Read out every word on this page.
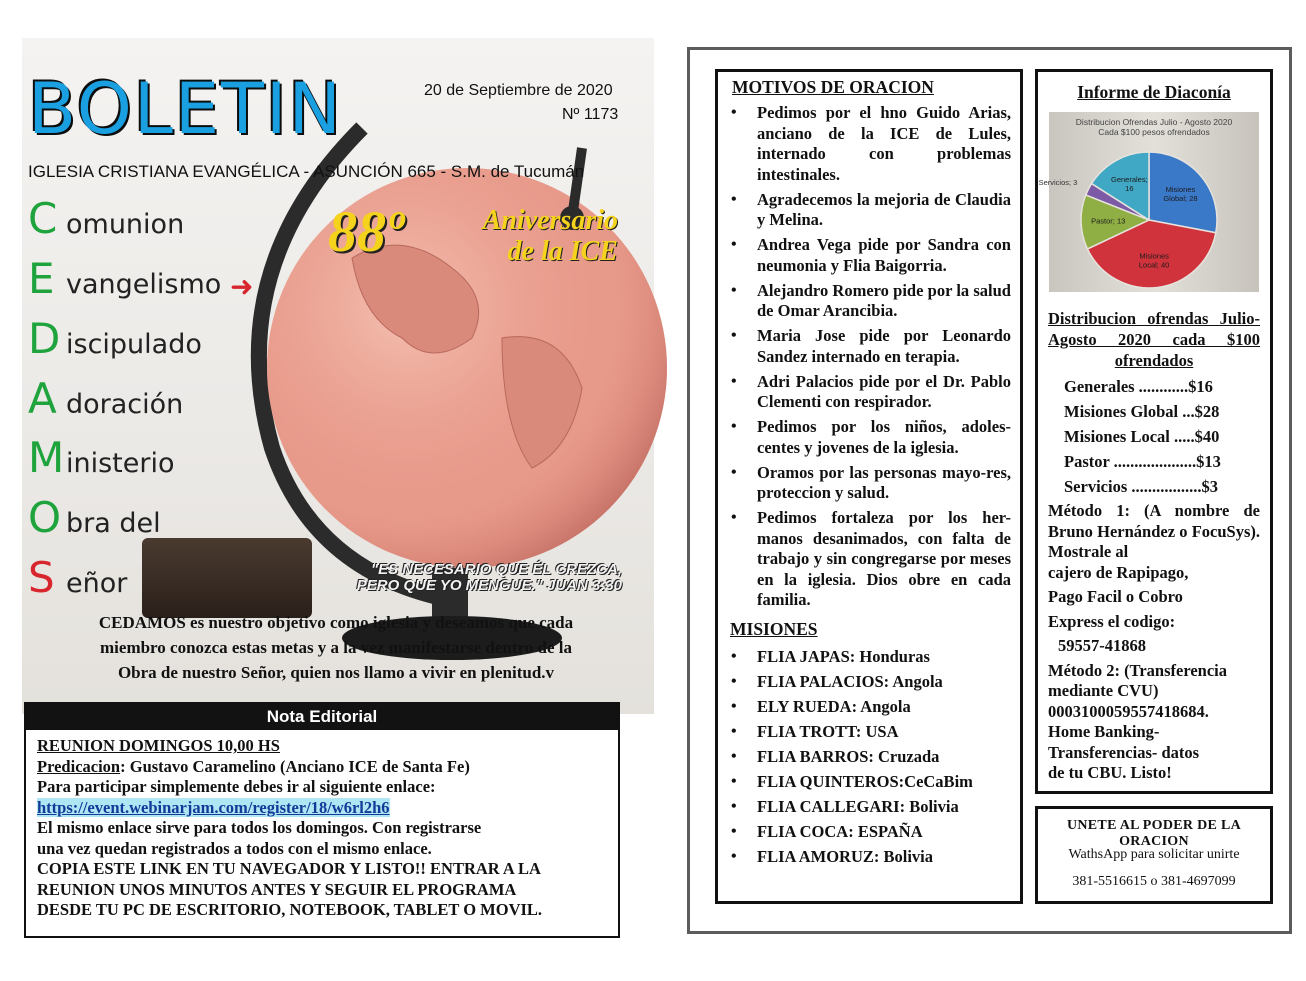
BOLETIN	20 de Septiembre de 2020
Nº 1173
IGLESIA CRISTIANA EVANGÉLICA - ASUNCIÓN 665 - S.M. de Tucumán
88º	Aniversario
de la ICE
Comunion
Evangelismo ➜
Discipulado
Adoración
Ministerio
Obra del
Señor	"ES NECESARIO QUE ÉL CREZCA,
PERO QUE YO MENGUE." JUAN 3:30
CEDAMOS es nuestro objetivo como iglesia y deseamos que cada
miembro conozca estas metas y a la vez manifestarse dentro de la
Obra de nuestro Señor, quien nos llamo a vivir en plenitud.v
Nota Editorial
REUNION DOMINGOS 10,00 HS
Predicacion: Gustavo Caramelino (Anciano ICE de Santa Fe)
Para participar simplemente debes ir al siguiente enlace:
https://event.webinarjam.com/register/18/w6rl2h6
El mismo enlace sirve para todos los domingos. Con registrarse
una vez quedan registrados a todos con el mismo enlace.
COPIA ESTE LINK EN TU NAVEGADOR Y LISTO!! ENTRAR A LA
REUNION UNOS MINUTOS ANTES Y SEGUIR EL PROGRAMA
DESDE TU PC DE ESCRITORIO, NOTEBOOK, TABLET O MOVIL.
MOTIVOS DE ORACION
• Pedimos por el hno Guido Arias, anciano de la ICE de Lules, internado con problemas intestinales.
• Agradecemos la mejoria de Claudia y Melina.
• Andrea Vega pide por Sandra con neumonia y Flia Baigorria.
• Alejandro Romero pide por la salud de Omar Arancibia.
• Maria Jose pide por Leonardo Sandez internado en terapia.
• Adri Palacios pide por el Dr. Pablo Clementi con respirador.
• Pedimos por los niños, adoles-centes y jovenes de la iglesia.
• Oramos por las personas mayo-res, proteccion y salud.
• Pedimos fortaleza por los her-manos desanimados, con falta de trabajo y sin congregarse por meses en la iglesia. Dios obre en cada familia.
MISIONES
• FLIA JAPAS: Honduras
• FLIA PALACIOS: Angola
• ELY RUEDA: Angola
• FLIA TROTT: USA
• FLIA BARROS: Cruzada
• FLIA QUINTEROS:CeCaBim
• FLIA CALLEGARI: Bolivia
• FLIA COCA: ESPAÑA
• FLIA AMORUZ: Bolivia
Informe de Diaconía
Distribucion Ofrendas Julio - Agosto 2020
Cada $100 pesos ofrendados
Misiones Global; 28
Misiones Local; 40
Pastor; 13
Servicios; 3	Generales; 16
Distribucion ofrendas Julio-Agosto 2020 cada $100 ofrendados
Generales ............$16
Misiones Global ...$28
Misiones Local .....$40
Pastor ....................$13
Servicios .................$3

Método 1: (A nombre de Bruno Hernández o FocuSys). Mostrale al
cajero de Rapipago,

Pago Facil o Cobro

Express el codigo:

59557-41868

Método 2: (Transferencia
mediante CVU)
0003100059557418684.
Home Banking-
Transferencias- datos
de tu CBU. Listo!
UNETE AL PODER DE LA ORACION
WathsApp para solicitar unirte
381-5516615 o 381-4697099
